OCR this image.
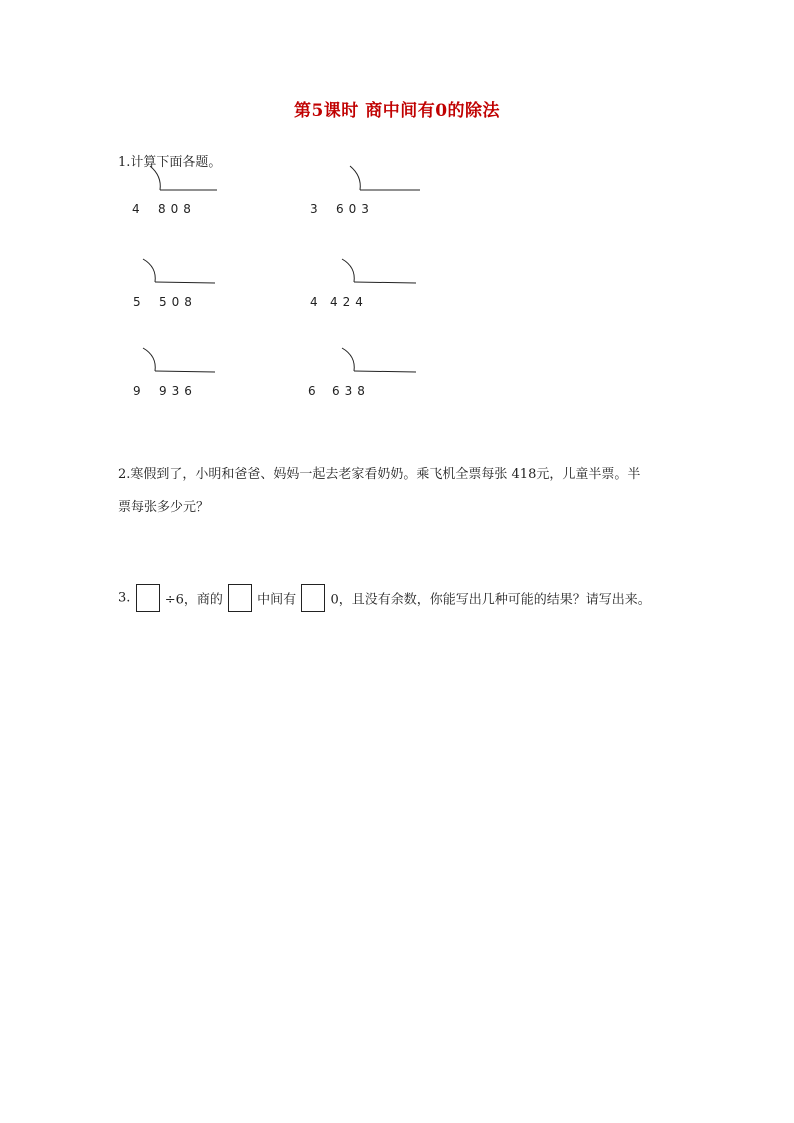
第5课时 商中间有0的除法
1.计算下面各题。
4 808	3 603
5 508	4 424
9 936	6 638
2.寒假到了，小明和爸爸、妈妈一起去老家看奶奶。乘飞机全票每张 418元，儿童半票。半
票每张多少元？
3.	÷6，商的	中间有	0，且没有余数，你能写出几种可能的结果？请写出来。
